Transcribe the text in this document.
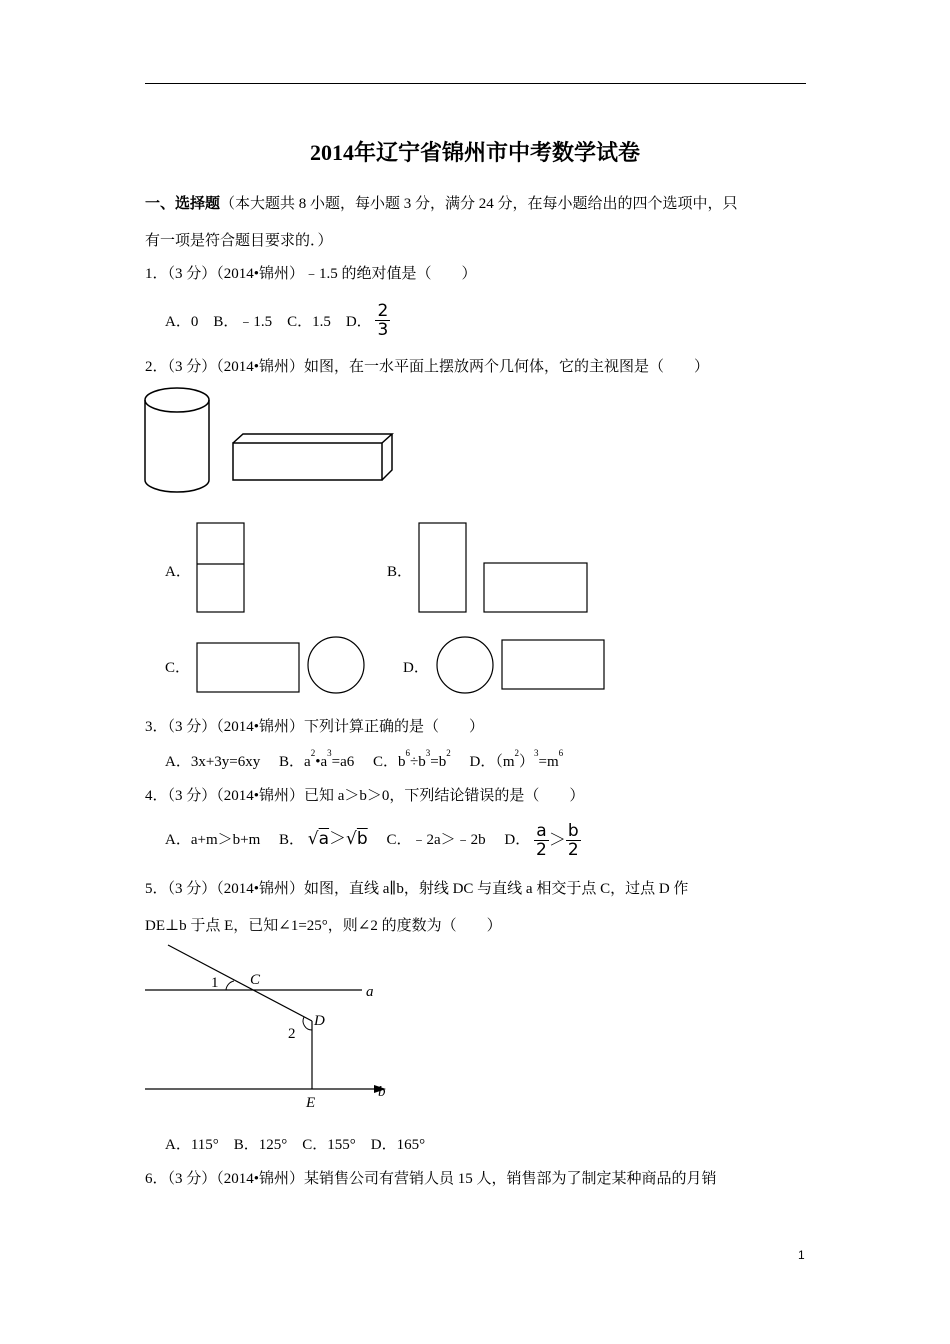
2014年辽宁省锦州市中考数学试卷
一、选择题（本大题共 8 小题，每小题 3 分，满分 24 分，在每小题给出的四个选项中，只
有一项是符合题目要求的．）
1．（3 分）（2014•锦州）﹣1.5 的绝对值是（　　）
A．0　B．﹣1.5　C．1.5　D． $\frac{2}{3}$
2．（3 分）（2014•锦州）如图，在一水平面上摆放两个几何体，它的主视图是（　　）
A．	B．
C．	D．
3．（3 分）（2014•锦州）下列计算正确的是（　　）
A．3x+3y=6xy　 B．$a^2•a^3=a6$　 C．$b^6\div b^3=b^2$　 D．$(m^2)^3=m^6$
4．（3 分）（2014•锦州）已知 a＞b＞0，下列结论错误的是（　　）
A．a+m＞b+m　 B． √a＞√b　 C．﹣2a＞﹣2b　 D． $\frac{a}{2} > \frac{b}{2}$
5．（3 分）（2014•锦州）如图，直线 a∥b，射线 DC 与直线 a 相交于点 C，过点 D 作
DE⊥b 于点 E，已知∠1=25°，则∠2 的度数为（　　）
1 C
a
2
D
E
b
A．115°　B．125°　C．155°　D．165°
6．（3 分）（2014•锦州）某销售公司有营销人员 15 人，销售部为了制定某种商品的月销
1
